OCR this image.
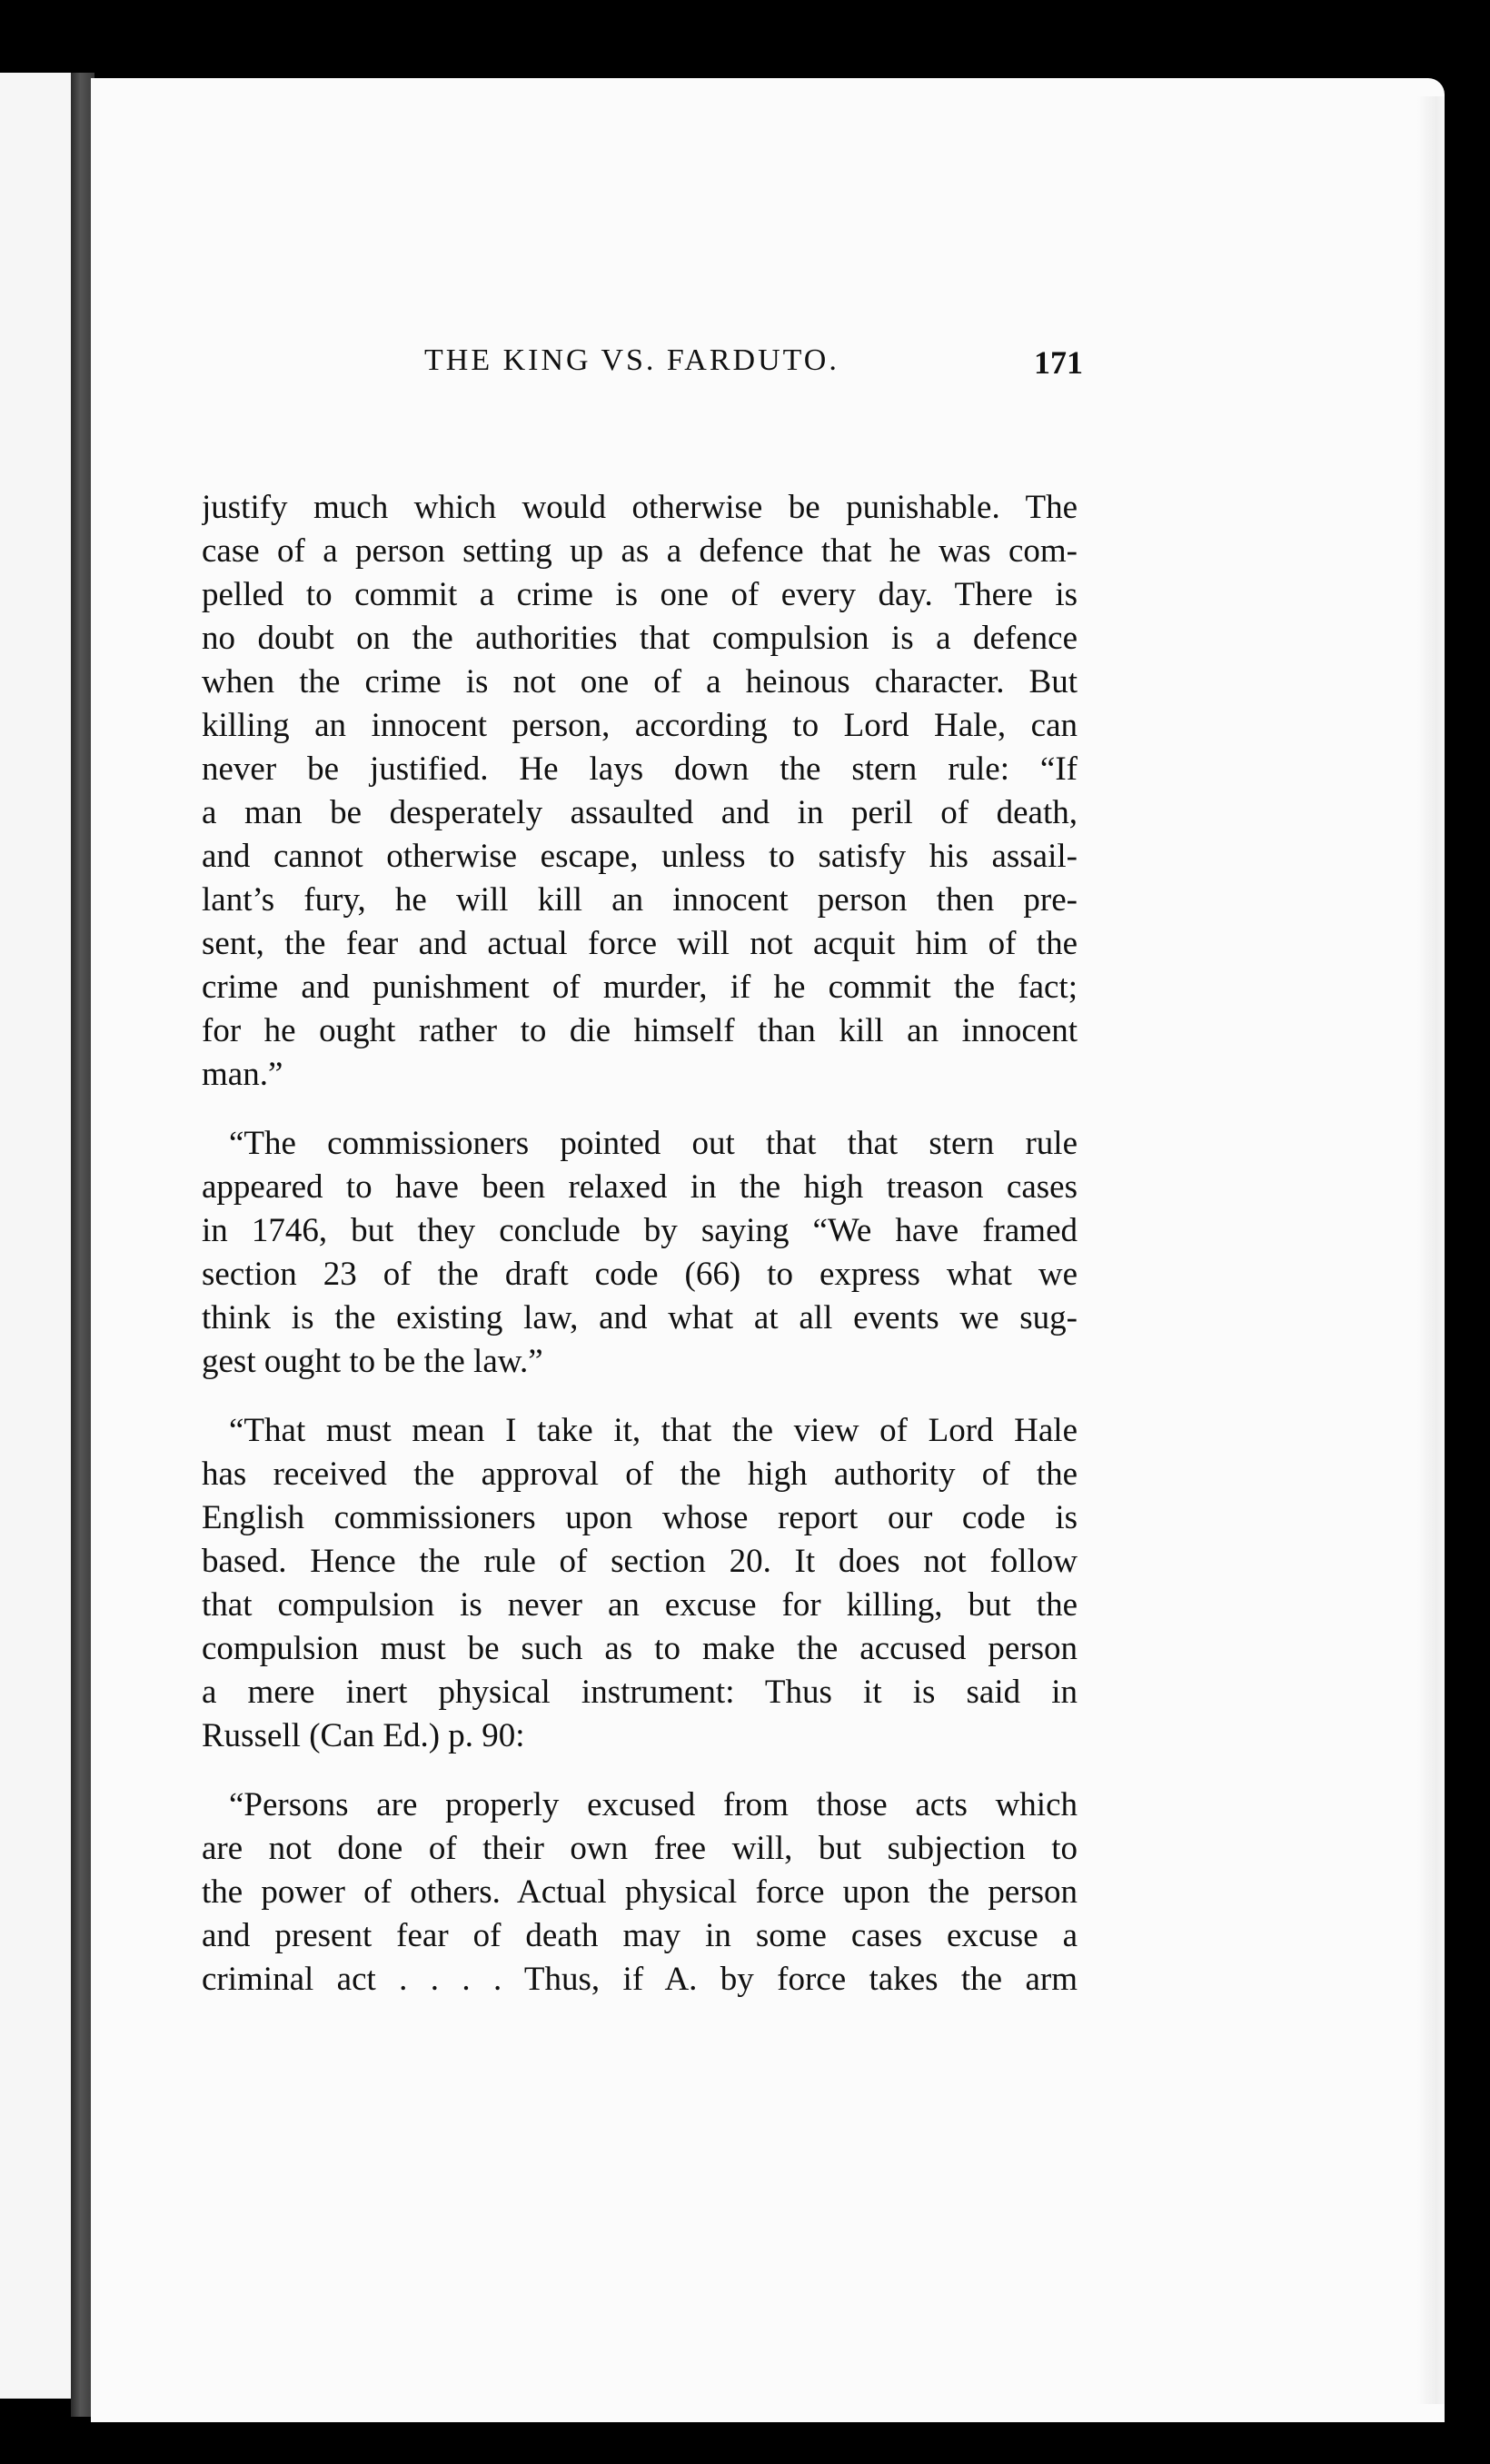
THE KING VS. FARDUTO.	171
justify much which would otherwise be punishable. The
case of a person setting up as a defence that he was com-
pelled to commit a crime is one of every day. There is
no doubt on the authorities that compulsion is a defence
when the crime is not one of a heinous character. But
killing an innocent person, according to Lord Hale, can
never be justified. He lays down the stern rule: “If
a man be desperately assaulted and in peril of death,
and cannot otherwise escape, unless to satisfy his assail-
lant’s fury, he will kill an innocent person then pre-
sent, the fear and actual force will not acquit him of the
crime and punishment of murder, if he commit the fact;
for he ought rather to die himself than kill an innocent
man.”
“The commissioners pointed out that that stern rule
appeared to have been relaxed in the high treason cases
in 1746, but they conclude by saying “We have framed
section 23 of the draft code (66) to express what we
think is the existing law, and what at all events we sug-
gest ought to be the law.”
“That must mean I take it, that the view of Lord Hale
has received the approval of the high authority of the
English commissioners upon whose report our code is
based. Hence the rule of section 20. It does not follow
that compulsion is never an excuse for killing, but the
compulsion must be such as to make the accused person
a mere inert physical instrument: Thus it is said in
Russell (Can Ed.) p. 90:
“Persons are properly excused from those acts which
are not done of their own free will, but subjection to
the power of others. Actual physical force upon the person
and present fear of death may in some cases excuse a
criminal act . . . . Thus, if A. by force takes the arm
